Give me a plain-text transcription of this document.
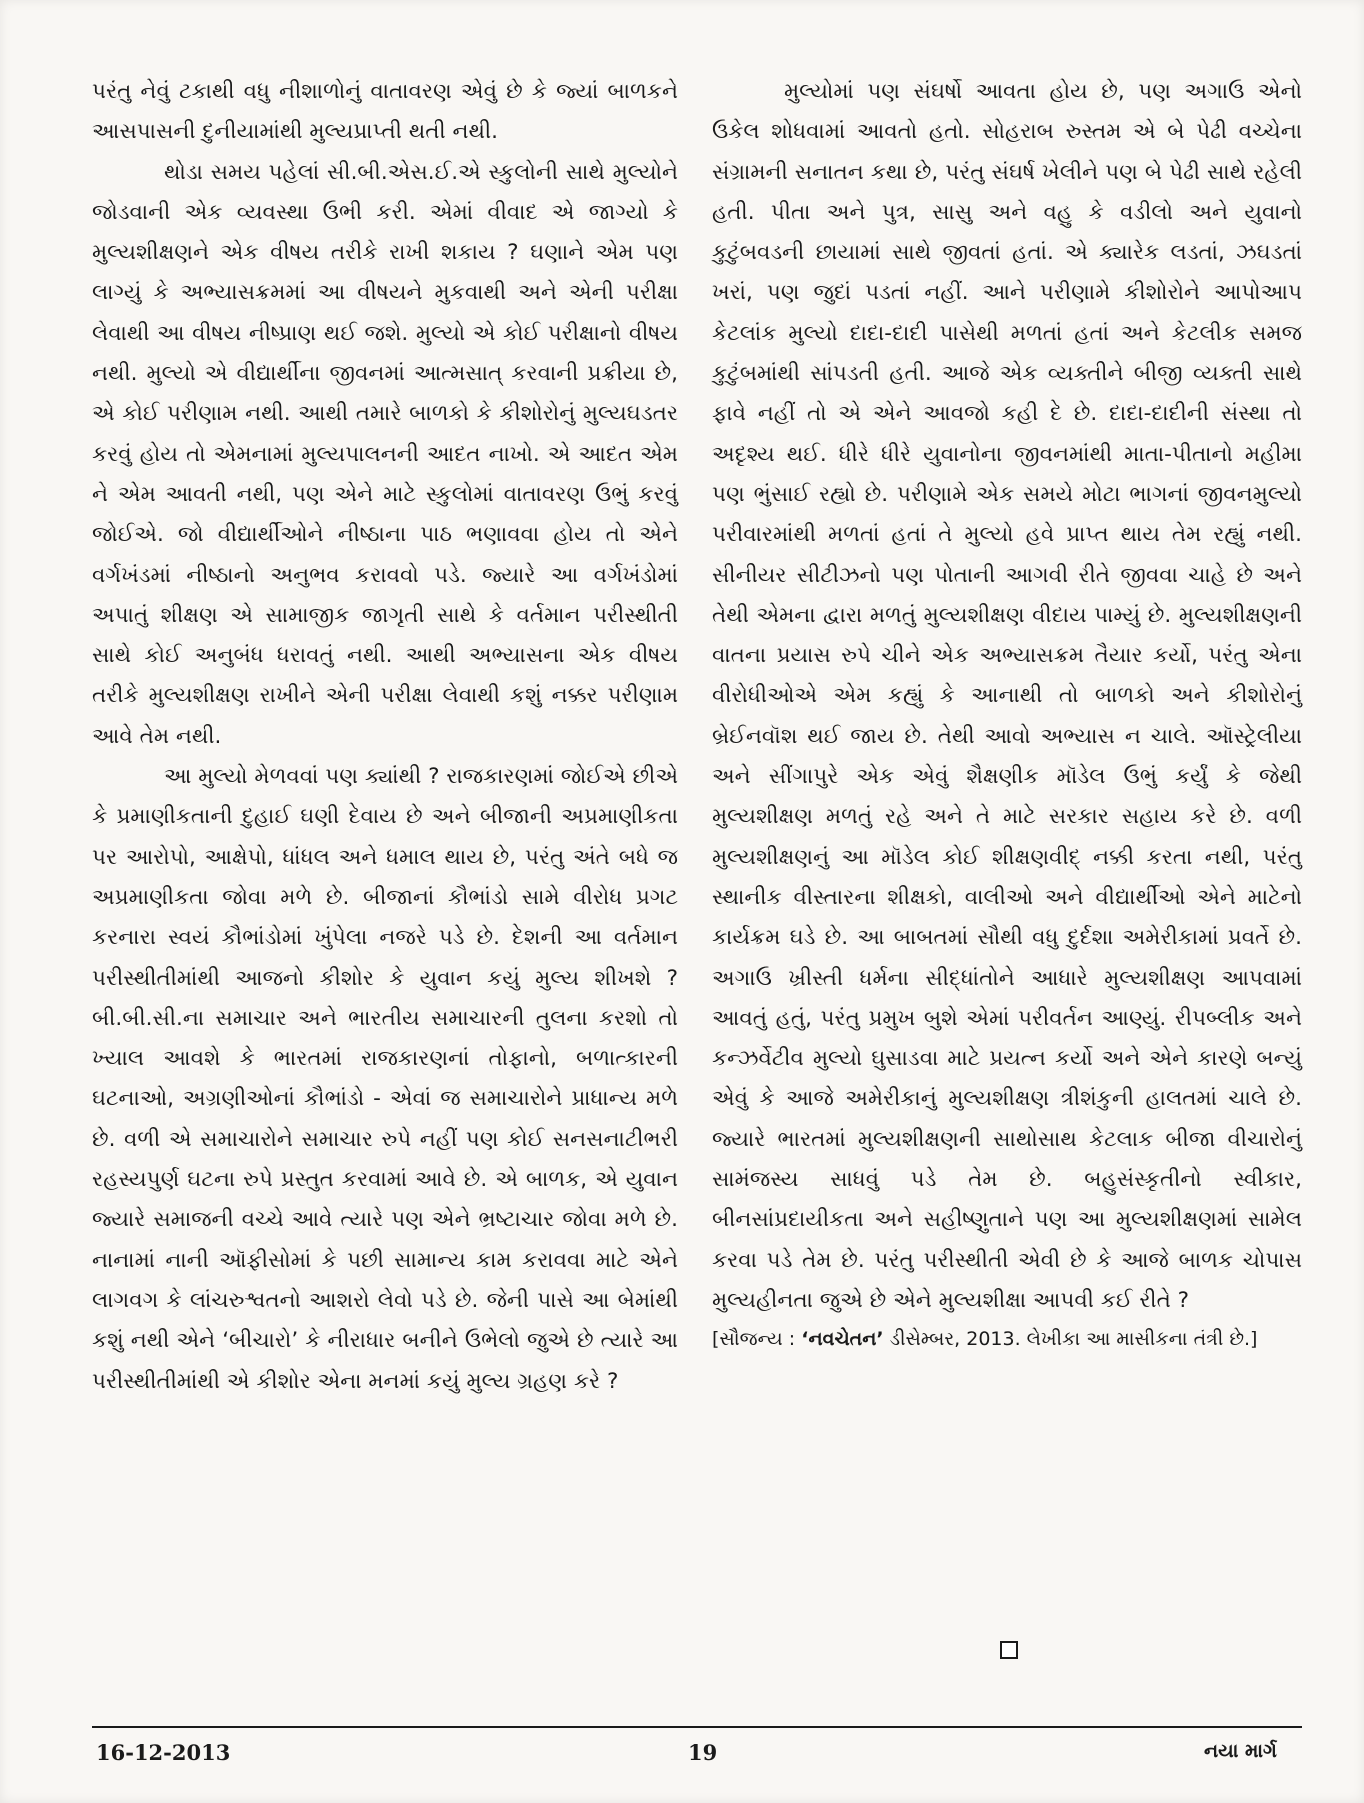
પરંતુ નેવું ટકાથી વધુ નીશાળોનું વાતાવરણ એવું છે કે જ્યાં બાળકને આસપાસની દુનીયામાંથી મુલ્યપ્રાપ્તી થતી નથી.

થોડા સમય પહેલાં સી.બી.એસ.ઈ.એ સ્કુલોની સાથે મુલ્યોને જોડવાની એક વ્યવસ્થા ઉભી કરી. એમાં વીવાદ એ જાગ્યો કે મુલ્યશીક્ષણને એક વીષય તરીકે રાખી શકાય ? ઘણાને એમ પણ લાગ્યું કે અભ્યાસક્રમમાં આ વીષયને મુકવાથી અને એની પરીક્ષા લેવાથી આ વીષય નીષ્પ્રાણ થઈ જશે. મુલ્યો એ કોઈ પરીક્ષાનો વીષય નથી. મુલ્યો એ વીદ્યાર્થીના જીવનમાં આત્મસાત્ કરવાની પ્રક્રીયા છે, એ કોઈ પરીણામ નથી. આથી તમારે બાળકો કે કીશોરોનું મુલ્યઘડતર કરવું હોય તો એમનામાં મુલ્યપાલનની આદત નાખો. એ આદત એમ ને એમ આવતી નથી, પણ એને માટે સ્કુલોમાં વાતાવરણ ઉભું કરવું જોઈએ. જો વીદ્યાર્થીઓને નીષ્ઠાના પાઠ ભણાવવા હોય તો એને વર્ગખંડમાં નીષ્ઠાનો અનુભવ કરાવવો પડે. જ્યારે આ વર્ગખંડોમાં અપાતું શીક્ષણ એ સામાજીક જાગૃતી સાથે કે વર્તમાન પરીસ્થીતી સાથે કોઈ અનુબંધ ધરાવતું નથી. આથી અભ્યાસના એક વીષય તરીકે મુલ્યશીક્ષણ રાખીને એની પરીક્ષા લેવાથી કશું નક્કર પરીણામ આવે તેમ નથી.

આ મુલ્યો મેળવવાં પણ ક્યાંથી ? રાજકારણમાં જોઈએ છીએ કે પ્રમાણીકતાની દુહાઈ ઘણી દેવાય છે અને બીજાની અપ્રમાણીકતા પર આરોપો, આક્ષેપો, ધાંધલ અને ધમાલ થાય છે, પરંતુ અંતે બધે જ અપ્રમાણીકતા જોવા મળે છે. બીજાનાં કૌભાંડો સામે વીરોધ પ્રગટ કરનારા સ્વયં કૌભાંડોમાં ખુંપેલા નજરે પડે છે. દેશની આ વર્તમાન પરીસ્થીતીમાંથી આજનો કીશોર કે યુવાન કયું મુલ્ય શીખશે ? બી.બી.સી.ના સમાચાર અને ભારતીય સમાચારની તુલના કરશો તો ખ્યાલ આવશે કે ભારતમાં રાજકારણનાં તોફાનો, બળાત્કારની ઘટનાઓ, અગ્રણીઓનાં કૌભાંડો - એવાં જ સમાચારોને પ્રાધાન્ય મળે છે. વળી એ સમાચારોને સમાચાર રુપે નહીં પણ કોઈ સનસનાટીભરી રહસ્યપુર્ણ ઘટના રુપે પ્રસ્તુત કરવામાં આવે છે. એ બાળક, એ યુવાન જ્યારે સમાજની વચ્ચે આવે ત્યારે પણ એને ભ્રષ્ટાચાર જોવા મળે છે. નાનામાં નાની ઑફીસોમાં કે પછી સામાન્ય કામ કરાવવા માટે એને લાગવગ કે લાંચરુશ્વતનો આશરો લેવો પડે છે. જેની પાસે આ બેમાંથી કશું નથી એને ‘બીચારો’ કે નીરાધાર બનીને ઉભેલો જુએ છે ત્યારે આ પરીસ્થીતીમાંથી એ કીશોર એના મનમાં કયું મુલ્ય ગ્રહણ કરે ?

મુલ્યોમાં પણ સંઘર્ષો આવતા હોય છે, પણ અગાઉ એનો ઉકેલ શોધવામાં આવતો હતો. સોહરાબ રુસ્તમ એ બે પેઢી વચ્ચેના સંગ્રામની સનાતન કથા છે, પરંતુ સંઘર્ષ ખેલીને પણ બે પેઢી સાથે રહેલી હતી. પીતા અને પુત્ર, સાસુ અને વહુ કે વડીલો અને યુવાનો કુટુંબવડની છાયામાં સાથે જીવતાં હતાં. એ ક્યારેક લડતાં, ઝઘડતાં ખરાં, પણ જુદાં પડતાં નહીં. આને પરીણામે કીશોરોને આપોઆપ કેટલાંક મુલ્યો દાદા-દાદી પાસેથી મળતાં હતાં અને કેટલીક સમજ કુટુંબમાંથી સાંપડતી હતી. આજે એક વ્યક્તીને બીજી વ્યક્તી સાથે ફાવે નહીં તો એ એને આવજો કહી દે છે. દાદા-દાદીની સંસ્થા તો અદૃશ્ય થઈ. ધીરે ધીરે યુવાનોના જીવનમાંથી માતા-પીતાનો મહીમા પણ ભુંસાઈ રહ્યો છે. પરીણામે એક સમયે મોટા ભાગનાં જીવનમુલ્યો પરીવારમાંથી મળતાં હતાં તે મુલ્યો હવે પ્રાપ્ત થાય તેમ રહ્યું નથી. સીનીયર સીટીઝનો પણ પોતાની આગવી રીતે જીવવા ચાહે છે અને તેથી એમના દ્વારા મળતું મુલ્યશીક્ષણ વીદાય પામ્યું છે. મુલ્યશીક્ષણની વાતના પ્રયાસ રુપે ચીને એક અભ્યાસક્રમ તૈયાર કર્યો, પરંતુ એના વીરોધીઓએ એમ કહ્યું કે આનાથી તો બાળકો અને કીશોરોનું બ્રેઈનવૉશ થઈ જાય છે. તેથી આવો અભ્યાસ ન ચાલે. ઑસ્ટ્રેલીયા અને સીંગાપુરે એક એવું શૈક્ષણીક મૉડેલ ઉભું કર્યું કે જેથી મુલ્યશીક્ષણ મળતું રહે અને તે માટે સરકાર સહાય કરે છે. વળી મુલ્યશીક્ષણનું આ મૉડેલ કોઈ શીક્ષણવીદ્ નક્કી કરતા નથી, પરંતુ સ્થાનીક વીસ્તારના શીક્ષકો, વાલીઓ અને વીદ્યાર્થીઓ એને માટેનો કાર્યક્રમ ઘડે છે. આ બાબતમાં સૌથી વધુ દુર્દશા અમેરીકામાં પ્રવર્તે છે. અગાઉ ખ્રીસ્તી ધર્મના સીદ્ધાંતોને આધારે મુલ્યશીક્ષણ આપવામાં આવતું હતું, પરંતુ પ્રમુખ બુશે એમાં પરીવર્તન આણ્યું. રીપબ્લીક અને કન્ઝર્વેટીવ મુલ્યો ઘુસાડવા માટે પ્રયત્ન કર્યો અને એને કારણે બન્યું એવું કે આજે અમેરીકાનું મુલ્યશીક્ષણ ત્રીશંકુની હાલતમાં ચાલે છે. જ્યારે ભારતમાં મુલ્યશીક્ષણની સાથોસાથ કેટલાક બીજા વીચારોનું સામંજસ્ય સાધવું પડે તેમ છે. બહુસંસ્કૃતીનો સ્વીકાર, બીનસાંપ્રદાયીકતા અને સહીષ્ણુતાને પણ આ મુલ્યશીક્ષણમાં સામેલ કરવા પડે તેમ છે. પરંતુ પરીસ્થીતી એવી છે કે આજે બાળક ચોપાસ મુલ્યહીનતા જુએ છે એને મુલ્યશીક્ષા આપવી કઈ રીતે ?

[સૌજન્ય : ‘નવચેતન’ ડીસેમ્બર, 2013. લેખીકા આ માસીકના તંત્રી છે.]

16-12-2013	19	નયા માર્ગ
